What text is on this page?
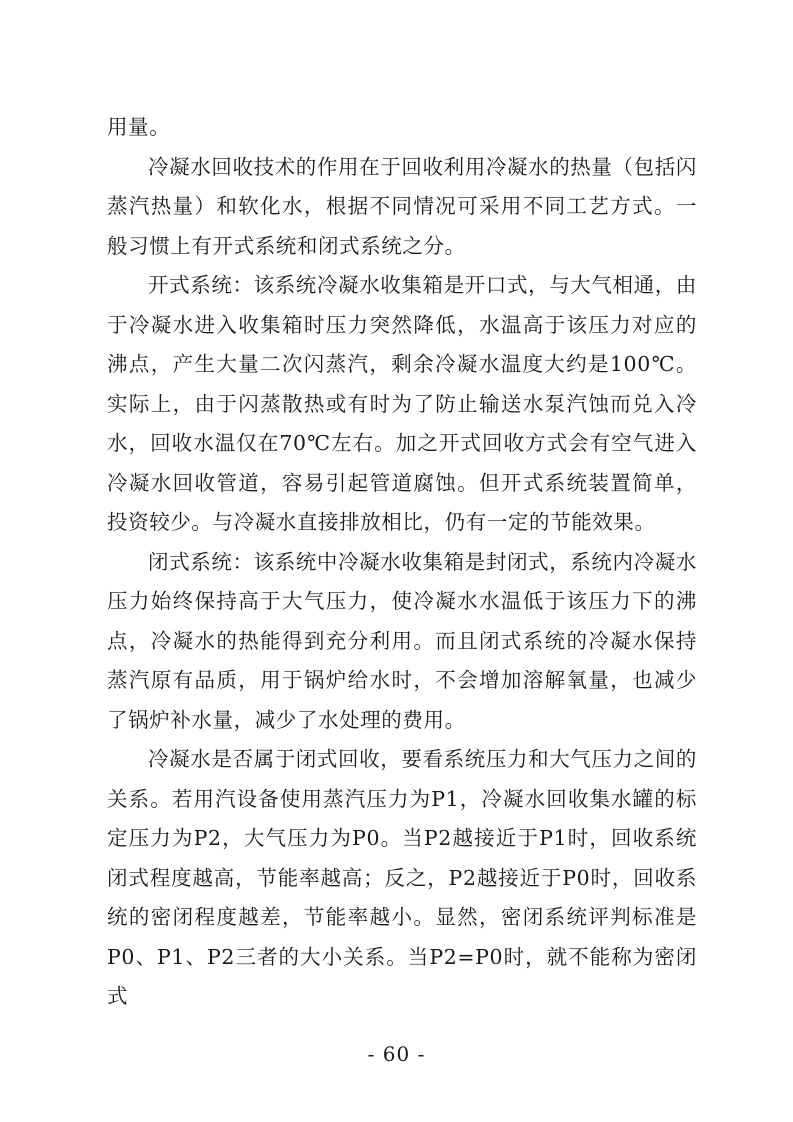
用量。

冷凝水回收技术的作用在于回收利用冷凝水的热量（包括闪蒸汽热量）和软化水，根据不同情况可采用不同工艺方式。一般习惯上有开式系统和闭式系统之分。

开式系统：该系统冷凝水收集箱是开口式，与大气相通，由于冷凝水进入收集箱时压力突然降低，水温高于该压力对应的沸点，产生大量二次闪蒸汽，剩余冷凝水温度大约是100℃。实际上，由于闪蒸散热或有时为了防止输送水泵汽蚀而兑入冷水，回收水温仅在70℃左右。加之开式回收方式会有空气进入冷凝水回收管道，容易引起管道腐蚀。但开式系统装置简单，投资较少。与冷凝水直接排放相比，仍有一定的节能效果。

闭式系统：该系统中冷凝水收集箱是封闭式，系统内冷凝水压力始终保持高于大气压力，使冷凝水水温低于该压力下的沸点，冷凝水的热能得到充分利用。而且闭式系统的冷凝水保持蒸汽原有品质，用于锅炉给水时，不会增加溶解氧量，也减少了锅炉补水量，减少了水处理的费用。

冷凝水是否属于闭式回收，要看系统压力和大气压力之间的关系。若用汽设备使用蒸汽压力为P1，冷凝水回收集水罐的标定压力为P2，大气压力为P0。当P2越接近于P1时，回收系统闭式程度越高，节能率越高；反之，P2越接近于P0时，回收系统的密闭程度越差，节能率越小。显然，密闭系统评判标准是P0、P1、P2三者的大小关系。当P2=P0时，就不能称为密闭式

- 60 -
